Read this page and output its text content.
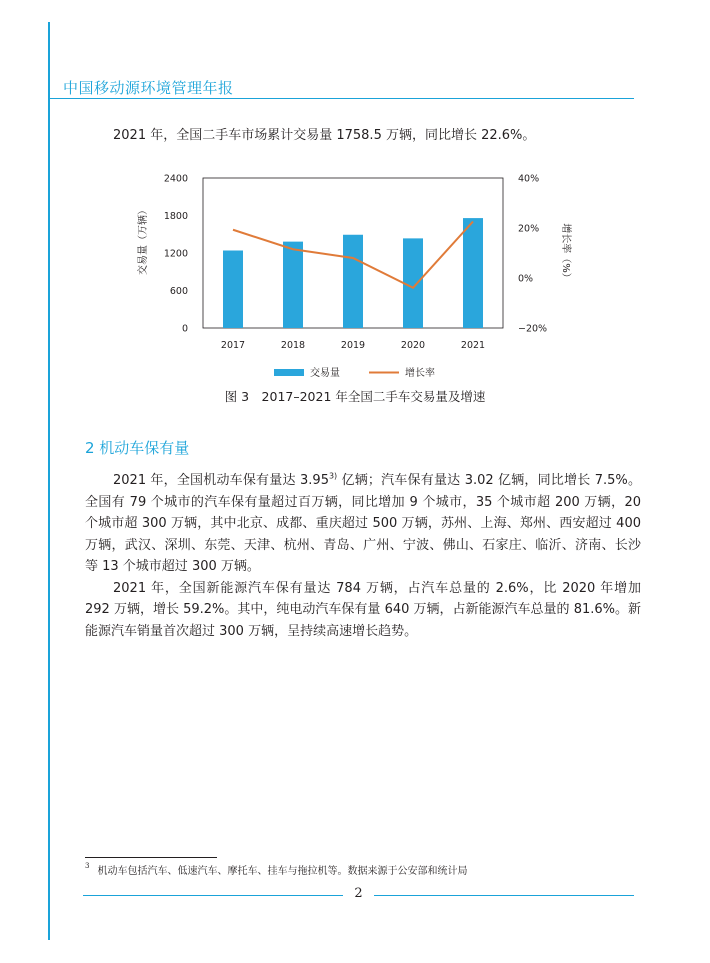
中国移动源环境管理年报
2021 年，全国二手车市场累计交易量 1758.5 万辆，同比增长 22.6%。
0
600
1200
1800
2400
−20%
0%
20%
40%
2017	2018	2019	2020	2021
交易量（万辆）	增长率（%）
交易量	增长率
图 3　2017–2021 年全国二手车交易量及增速
2 机动车保有量

2021 年，全国机动车保有量达 3.95$^{3)}$ 亿辆；汽车保有量达 3.02 亿辆，同比增长 7.5%。全国有 79 个城市的汽车保有量超过百万辆，同比增加 9 个城市，35 个城市超 200 万辆，20 个城市超 300 万辆，其中北京、成都、重庆超过 500 万辆，苏州、上海、郑州、西安超过 400 万辆，武汉、深圳、东莞、天津、杭州、青岛、广州、宁波、佛山、石家庄、临沂、济南、长沙等 13 个城市超过 300 万辆。

2021 年，全国新能源汽车保有量达 784 万辆，占汽车总量的 2.6%，比 2020 年增加 292 万辆，增长 59.2%。其中，纯电动汽车保有量 640 万辆，占新能源汽车总量的 81.6%。新能源汽车销量首次超过 300 万辆，呈持续高速增长趋势。

$^3$ 机动车包括汽车、低速汽车、摩托车、挂车与拖拉机等。数据来源于公安部和统计局
2
